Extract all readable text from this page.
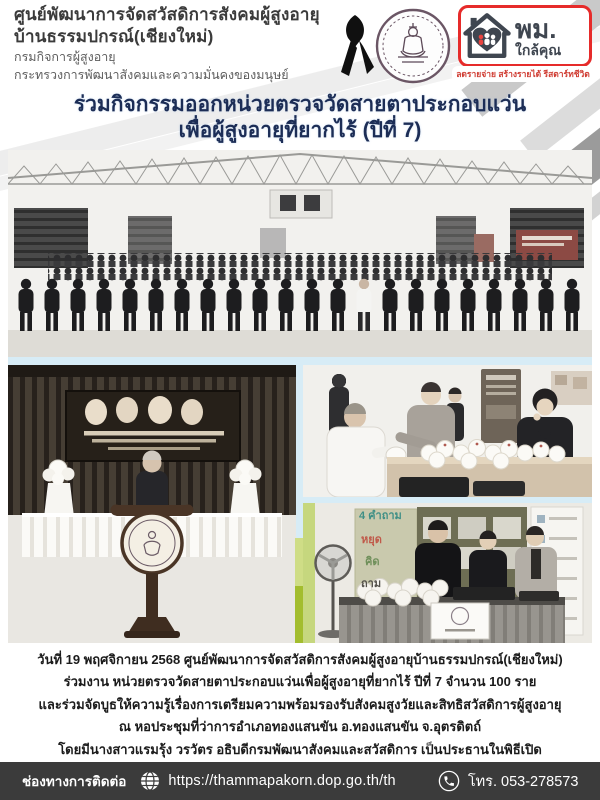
ศูนย์พัฒนาการจัดสวัสดิการสังคมผู้สูงอายุ
บ้านธรรมปกรณ์(เชียงใหม่)
กรมกิจการผู้สูงอายุ
กระทรวงการพัฒนาสังคมและความมั่นคงของมนุษย์
พม.
ใกล้คุณ
ลดรายจ่าย สร้างรายได้ รีสตาร์ทชีวิต
ร่วมกิจกรรมออกหน่วยตรวจวัดสายตาประกอบแว่น
เพื่อผู้สูงอายุที่ยากไร้ (ปีที่ 7)
4 คำถาม
หยุด
คิด
ถาม
วันที่ 19 พฤศจิกายน 2568 ศูนย์พัฒนาการจัดสวัสดิการสังคมผู้สูงอายุบ้านธรรมปกรณ์(เชียงใหม่)
ร่วมงาน หน่วยตรวจวัดสายตาประกอบแว่นเพื่อผู้สูงอายุที่ยากไร้ ปีที่ 7 จำนวน 100 ราย
และร่วมจัดบูธให้ความรู้เรื่องการเตรียมความพร้อมรองรับสังคมสูงวัยและสิทธิสวัสดิการผู้สูงอายุ
ณ หอประชุมที่ว่าการอำเภอทองแสนขัน อ.ทองแสนขัน จ.อุตรดิตถ์
โดยมีนางสาวแรมรุ้ง วรวัตร อธิบดีกรมพัฒนาสังคมและสวัสดิการ เป็นประธานในพิธีเปิด
ช่องทางการติดต่อ	https://thammapakorn.dop.go.th/th	โทร. 053-278573
